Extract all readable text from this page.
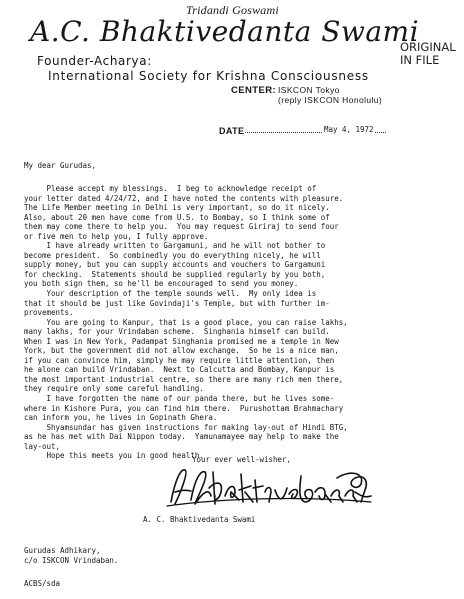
Tridandi Goswami
A.C. Bhaktivedanta Swami
ORIGINAL
IN FILE
Founder-Acharya:
International Society for Krishna Consciousness
CENTER: ISKCON Tokyo
(reply ISKCON Honolulu)
DATE	May 4, 1972
My dear Gurudas,
Please accept my blessings.  I beg to acknowledge receipt of
your letter dated 4/24/72, and I have noted the contents with pleasure.
The Life Member meeting in Delhi is very important, so do it nicely.
Also, about 20 men have come from U.S. to Bombay, so I think some of
them may come there to help you.  You may request Giriraj to send four
or five men to help you, I fully approve.
I have already written to Gargamuni, and he will not bother to
become president.  So combinedly you do everything nicely, he will
supply money, but you can supply accounts and vouchers to Gargamuni
for checking.  Statements should be supplied regularly by you both,
you both sign them, so he'll be encouraged to send you money.
Your description of the temple sounds well.  My only idea is
that it should be just like Govindaji's Temple, but with further im-
provements.
You are going to Kanpur, that is a good place, you can raise lakhs,
many lakhs, for your Vrindaban scheme.  Singhania himself can build.
When I was in New York, Padampat Singhania promised me a temple in New
York, but the government did not allow exchange.  So he is a nice man,
if you can convince him, simply he may require little attention, then
he alone can build Vrindaban.  Next to Calcutta and Bombay, Kanpur is
the most important industrial centre, so there are many rich men there,
they require only some careful handling.
I have forgotten the name of our panda there, but he lives some-
where in Kishore Pura, you can find him there.  Purushottam Brahmachary
can inform you, he lives in Gopinath Ghera.
Shyamsundar has given instructions for making lay-out of Hindi BTG,
as he has met with Dai Nippon today.  Yamunamayee may help to make the
lay-out,
Hope this meets you in good health.
Your ever well-wisher,
A. C. Bhaktivedanta Swami
Gurudas Adhikary,
c/o ISKCON Vrindaban.
ACBS/sda
